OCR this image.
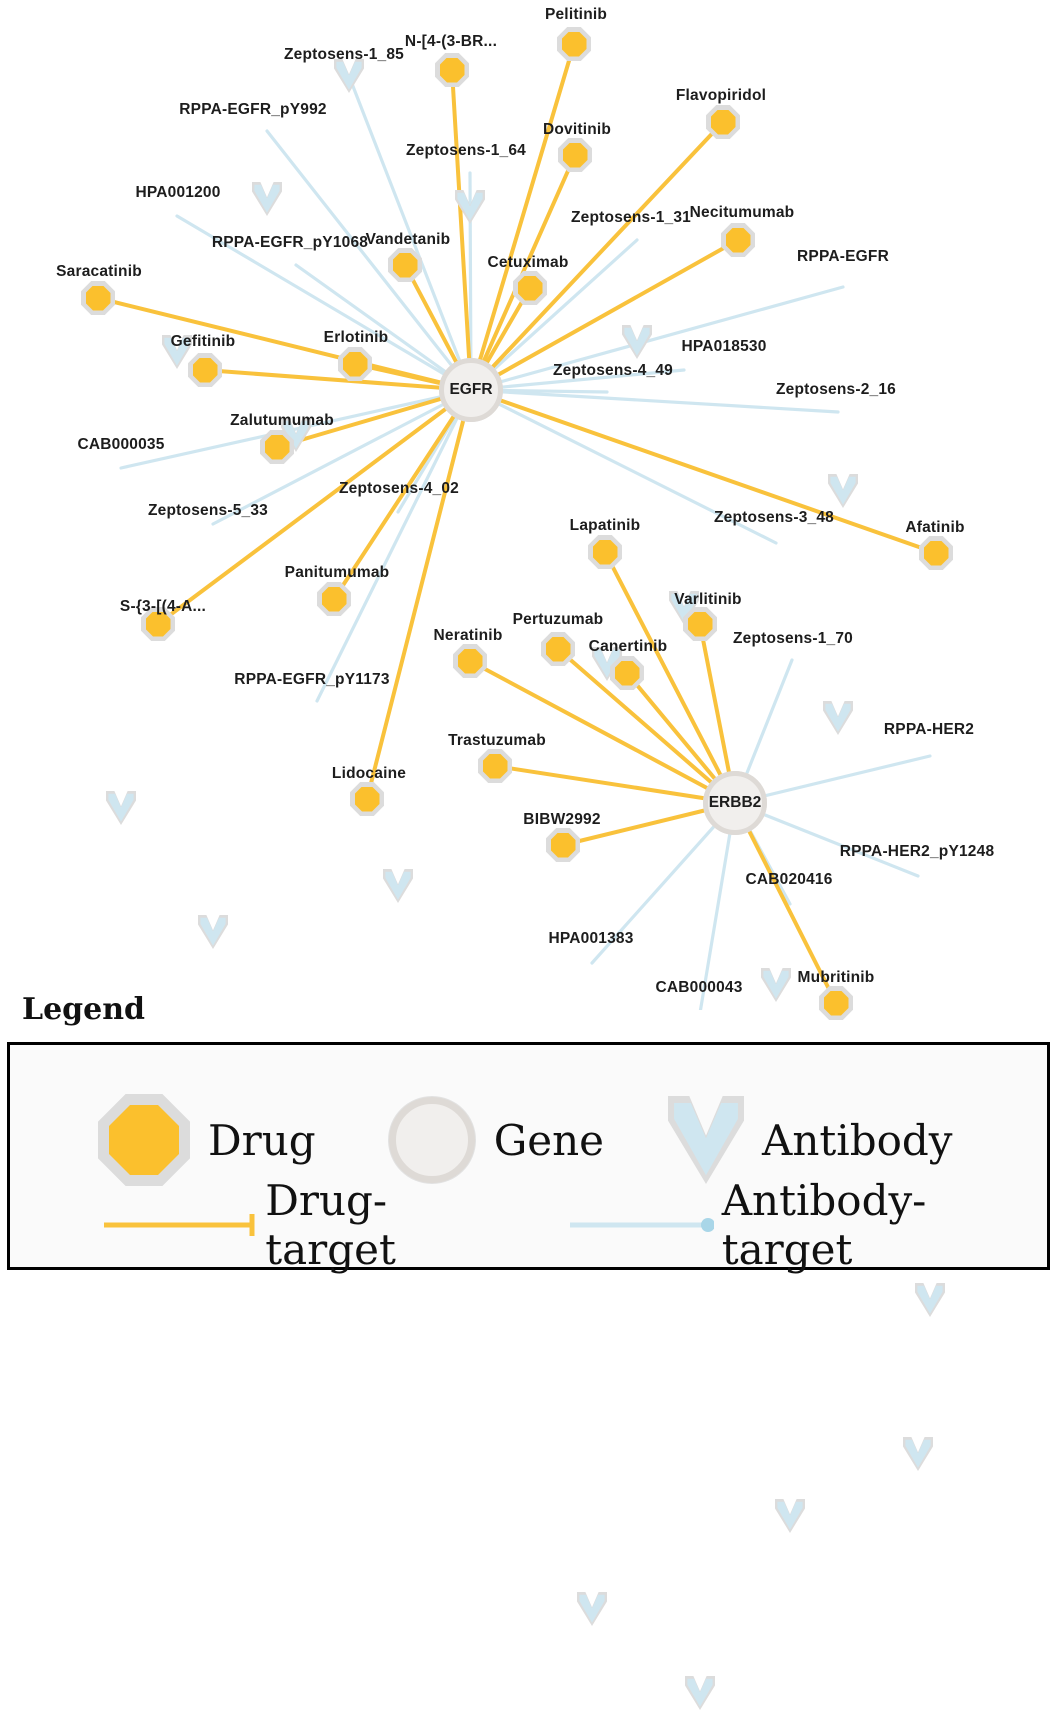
Zeptosens-1_85
Zeptosens-1_64
RPPA-EGFR_pY992
Zeptosens-1_31
HPA001200
RPPA-EGFR_pY1068
RPPA-EGFR
HPA018530
Zeptosens-4_49
Zeptosens-2_16
CAB000035
Zeptosens-4_02
Zeptosens-5_33	Zeptosens-3_48
RPPA-EGFR_pY1173
Zeptosens-1_70
RPPA-HER2
RPPA-HER2_pY1248
CAB020416
HPA001383
CAB000043
Pelitinib
N-[4-(3-BR...
Flavopiridol
Dovitinib
Necitumumab
Vandetanib
Cetuximab
Saracatinib
Erlotinib
Gefitinib
Zalutumumab
Afatinib
Lapatinib
Panitumumab
S-{3-[(4-A...	Varlitinib
Pertuzumab
Neratinib
Canertinib
Trastuzumab
Lidocaine
BIBW2992
Mubritinib
EGFR
ERBB2
Legend
Drug	Gene	Antibody
Drug-target
Antibody-target
